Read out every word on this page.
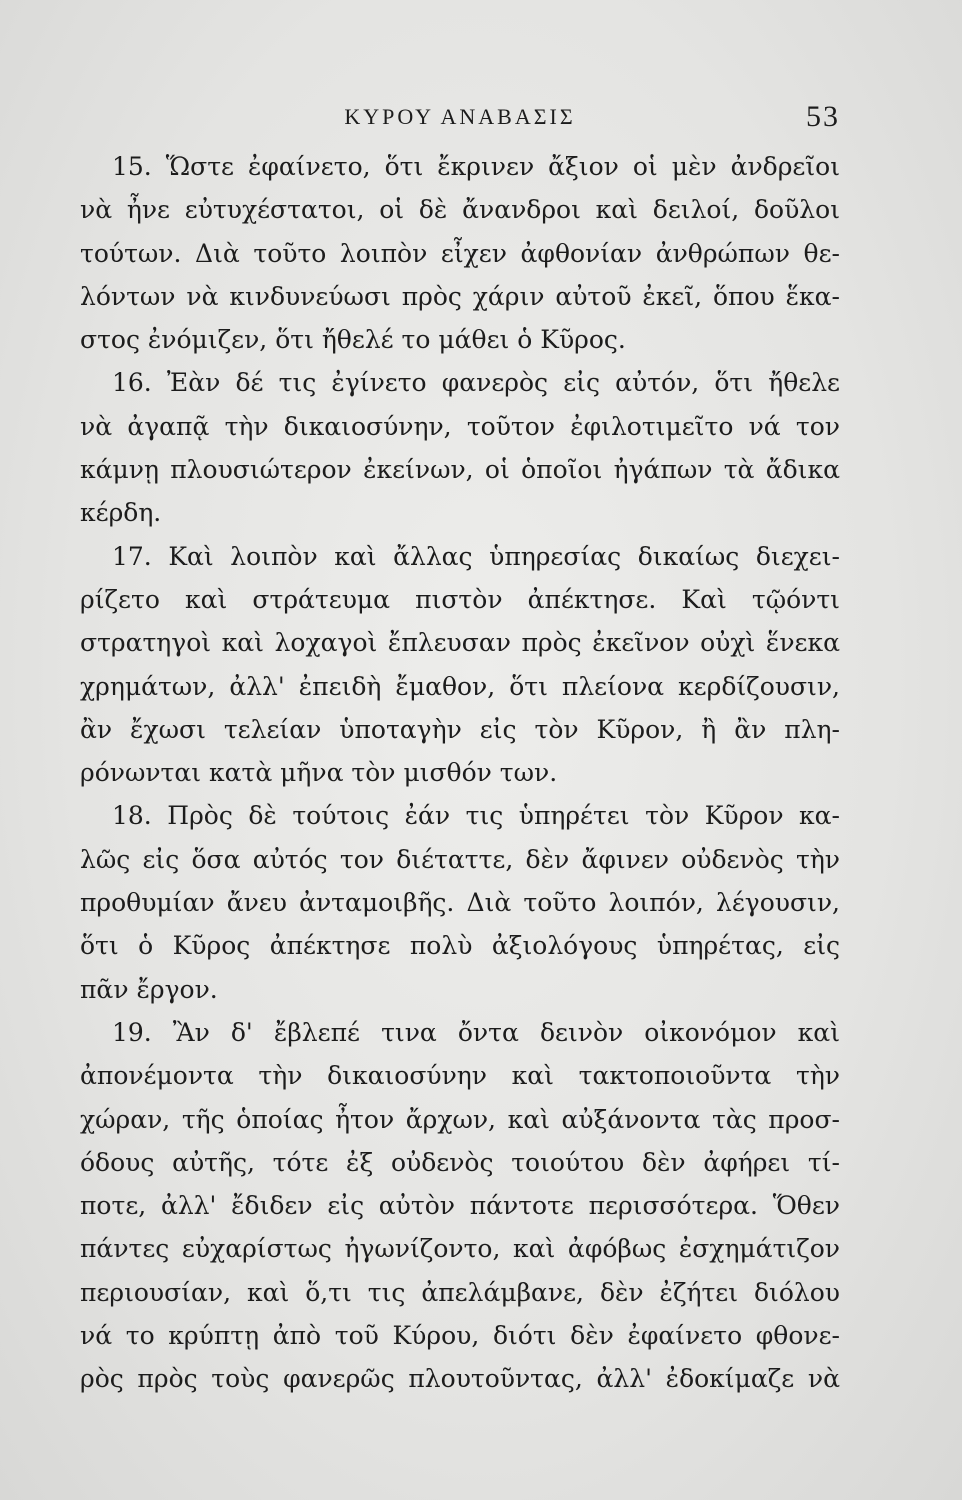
ΚΥΡΟΥ ΑΝΑΒΑΣΙΣ	53
15. Ὥστε ἐφαίνετο, ὅτι ἔκρινεν ἄξιον οἱ μὲν ἀνδρεῖοι
νὰ ἦνε εὐτυχέστατοι, οἱ δὲ ἄνανδροι καὶ δειλοί, δοῦλοι
τούτων. Διὰ τοῦτο λοιπὸν εἶχεν ἀφθονίαν ἀνθρώπων θε-
λόντων νὰ κινδυνεύωσι πρὸς χάριν αὐτοῦ ἐκεῖ, ὅπου ἕκα-
στος ἐνόμιζεν, ὅτι ἤθελέ το μάθει ὁ Κῦρος.
16. Ἐὰν δέ τις ἐγίνετο φανερὸς εἰς αὐτόν, ὅτι ἤθελε
νὰ ἀγαπᾷ τὴν δικαιοσύνην, τοῦτον ἐφιλοτιμεῖτο νά τον
κάμνῃ πλουσιώτερον ἐκείνων, οἱ ὁποῖοι ἠγάπων τὰ ἄδικα
κέρδη.
17. Καὶ λοιπὸν καὶ ἄλλας ὑπηρεσίας δικαίως διεχει-
ρίζετο καὶ στράτευμα πιστὸν ἀπέκτησε. Καὶ τῷόντι
στρατηγοὶ καὶ λοχαγοὶ ἔπλευσαν πρὸς ἐκεῖνον οὐχὶ ἕνεκα
χρημάτων, ἀλλ' ἐπειδὴ ἔμαθον, ὅτι πλείονα κερδίζουσιν,
ἂν ἔχωσι τελείαν ὑποταγὴν εἰς τὸν Κῦρον, ἢ ἂν πλη-
ρόνωνται κατὰ μῆνα τὸν μισθόν των.
18. Πρὸς δὲ τούτοις ἐάν τις ὑπηρέτει τὸν Κῦρον κα-
λῶς εἰς ὅσα αὐτός τον διέταττε, δὲν ἄφινεν οὐδενὸς τὴν
προθυμίαν ἄνευ ἀνταμοιβῆς. Διὰ τοῦτο λοιπόν, λέγουσιν,
ὅτι ὁ Κῦρος ἀπέκτησε πολὺ ἀξιολόγους ὑπηρέτας, εἰς
πᾶν ἔργον.
19. Ἂν δ' ἔβλεπέ τινα ὄντα δεινὸν οἰκονόμον καὶ
ἀπονέμοντα τὴν δικαιοσύνην καὶ τακτοποιοῦντα τὴν
χώραν, τῆς ὁποίας ἦτον ἄρχων, καὶ αὐξάνοντα τὰς προσ-
όδους αὐτῆς, τότε ἐξ οὐδενὸς τοιούτου δὲν ἀφήρει τί-
ποτε, ἀλλ' ἔδιδεν εἰς αὐτὸν πάντοτε περισσότερα. Ὅθεν
πάντες εὐχαρίστως ἠγωνίζοντο, καὶ ἀφόβως ἐσχημάτιζον
περιουσίαν, καὶ ὅ,τι τις ἀπελάμβανε, δὲν ἐζήτει διόλου
νά το κρύπτῃ ἀπὸ τοῦ Κύρου, διότι δὲν ἐφαίνετο φθονε-
ρὸς πρὸς τοὺς φανερῶς πλουτοῦντας, ἀλλ' ἐδοκίμαζε νὰ
